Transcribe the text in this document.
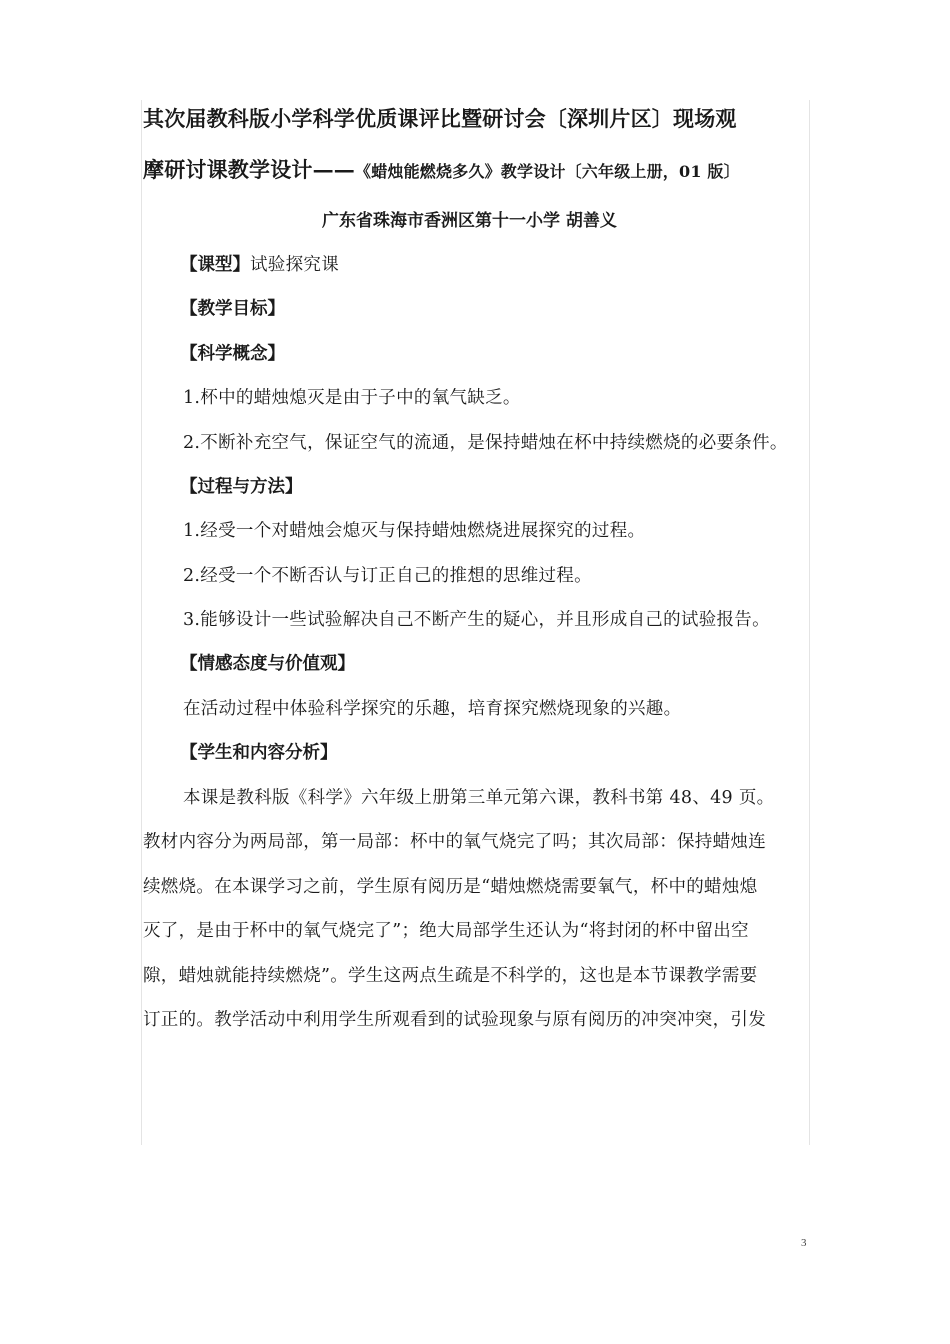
其次届教科版小学科学优质课评比暨研讨会〔深圳片区〕现场观
摩研讨课教学设计——《蜡烛能燃烧多久》教学设计〔六年级上册，01 版〕
广东省珠海市香洲区第十一小学 胡善义
【课型】试验探究课
【教学目标】
【科学概念】
1.杯中的蜡烛熄灭是由于子中的氧气缺乏。
2.不断补充空气，保证空气的流通，是保持蜡烛在杯中持续燃烧的必要条件。
【过程与方法】
1.经受一个对蜡烛会熄灭与保持蜡烛燃烧进展探究的过程。
2.经受一个不断否认与订正自己的推想的思维过程。
3.能够设计一些试验解决自己不断产生的疑心，并且形成自己的试验报告。
【情感态度与价值观】
在活动过程中体验科学探究的乐趣，培育探究燃烧现象的兴趣。
【学生和内容分析】
本课是教科版《科学》六年级上册第三单元第六课，教科书第 48、49 页。
教材内容分为两局部，第一局部：杯中的氧气烧完了吗；其次局部：保持蜡烛连
续燃烧。在本课学习之前，学生原有阅历是“蜡烛燃烧需要氧气，杯中的蜡烛熄
灭了，是由于杯中的氧气烧完了”；绝大局部学生还认为“将封闭的杯中留出空
隙，蜡烛就能持续燃烧”。学生这两点生疏是不科学的，这也是本节课教学需要
订正的。教学活动中利用学生所观看到的试验现象与原有阅历的冲突冲突，引发
3
